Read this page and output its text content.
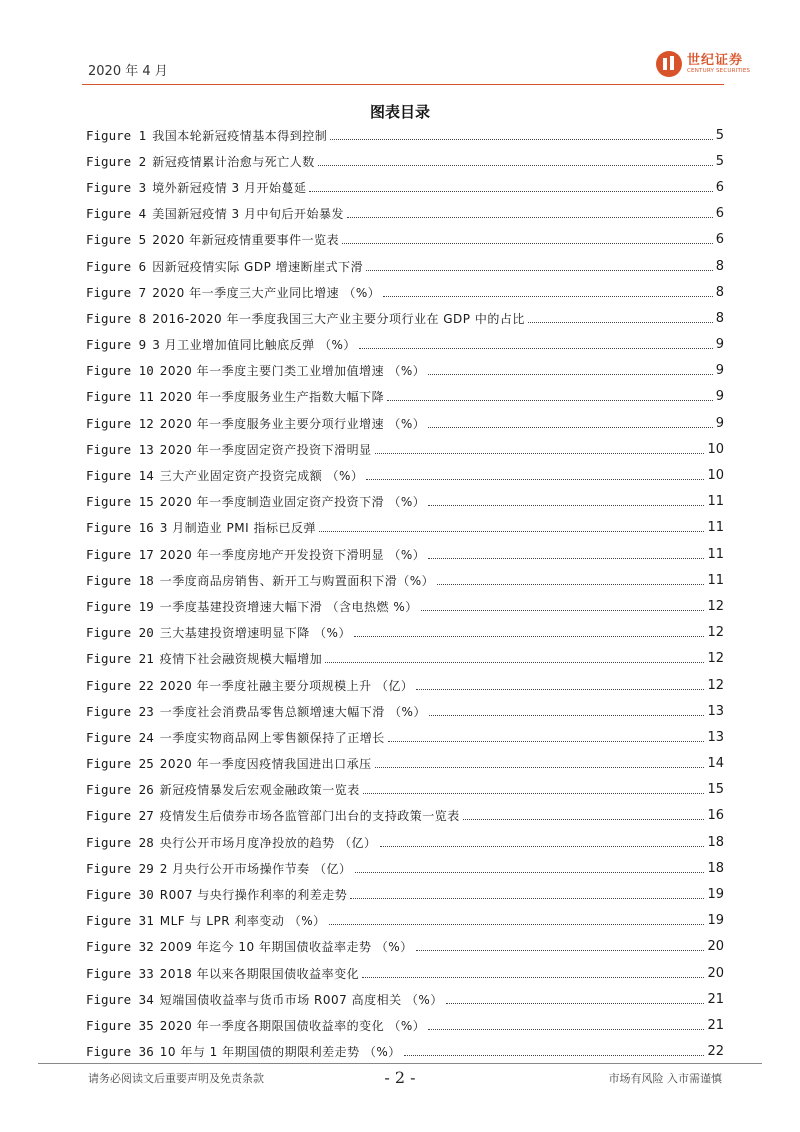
2020 年 4 月
世纪证券
CENTURY SECURITIES
图表目录
Figure 1 我国本轮新冠疫情基本得到控制	5
Figure 2 新冠疫情累计治愈与死亡人数	5
Figure 3 境外新冠疫情 3 月开始蔓延	6
Figure 4 美国新冠疫情 3 月中旬后开始暴发	6
Figure 5 2020 年新冠疫情重要事件一览表	6
Figure 6 因新冠疫情实际 GDP 增速断崖式下滑	8
Figure 7 2020 年一季度三大产业同比增速 （%）	8
Figure 8 2016-2020 年一季度我国三大产业主要分项行业在 GDP 中的占比	8
Figure 9 3 月工业增加值同比触底反弹 （%）	9
Figure 10 2020 年一季度主要门类工业增加值增速 （%）	9
Figure 11 2020 年一季度服务业生产指数大幅下降	9
Figure 12 2020 年一季度服务业主要分项行业增速 （%）	9
Figure 13 2020 年一季度固定资产投资下滑明显	10
Figure 14 三大产业固定资产投资完成额 （%）	10
Figure 15 2020 年一季度制造业固定资产投资下滑 （%）	11
Figure 16 3 月制造业 PMI 指标已反弹	11
Figure 17 2020 年一季度房地产开发投资下滑明显 （%）	11
Figure 18 一季度商品房销售、新开工与购置面积下滑（%）	11
Figure 19 一季度基建投资增速大幅下滑 （含电热燃 %）	12
Figure 20 三大基建投资增速明显下降 （%）	12
Figure 21 疫情下社会融资规模大幅增加	12
Figure 22 2020 年一季度社融主要分项规模上升 （亿）	12
Figure 23 一季度社会消费品零售总额增速大幅下滑 （%）	13
Figure 24 一季度实物商品网上零售额保持了正增长	13
Figure 25 2020 年一季度因疫情我国进出口承压	14
Figure 26 新冠疫情暴发后宏观金融政策一览表	15
Figure 27 疫情发生后债券市场各监管部门出台的支持政策一览表	16
Figure 28 央行公开市场月度净投放的趋势 （亿）	18
Figure 29 2 月央行公开市场操作节奏 （亿）	18
Figure 30 R007 与央行操作利率的利差走势	19
Figure 31 MLF 与 LPR 利率变动 （%）	19
Figure 32 2009 年迄今 10 年期国债收益率走势 （%）	20
Figure 33 2018 年以来各期限国债收益率变化	20
Figure 34 短端国债收益率与货币市场 R007 高度相关 （%）	21
Figure 35 2020 年一季度各期限国债收益率的变化 （%）	21
Figure 36 10 年与 1 年期国债的期限利差走势 （%）	22
请务必阅读文后重要声明及免责条款	- 2 -	市场有风险 入市需谨慎
